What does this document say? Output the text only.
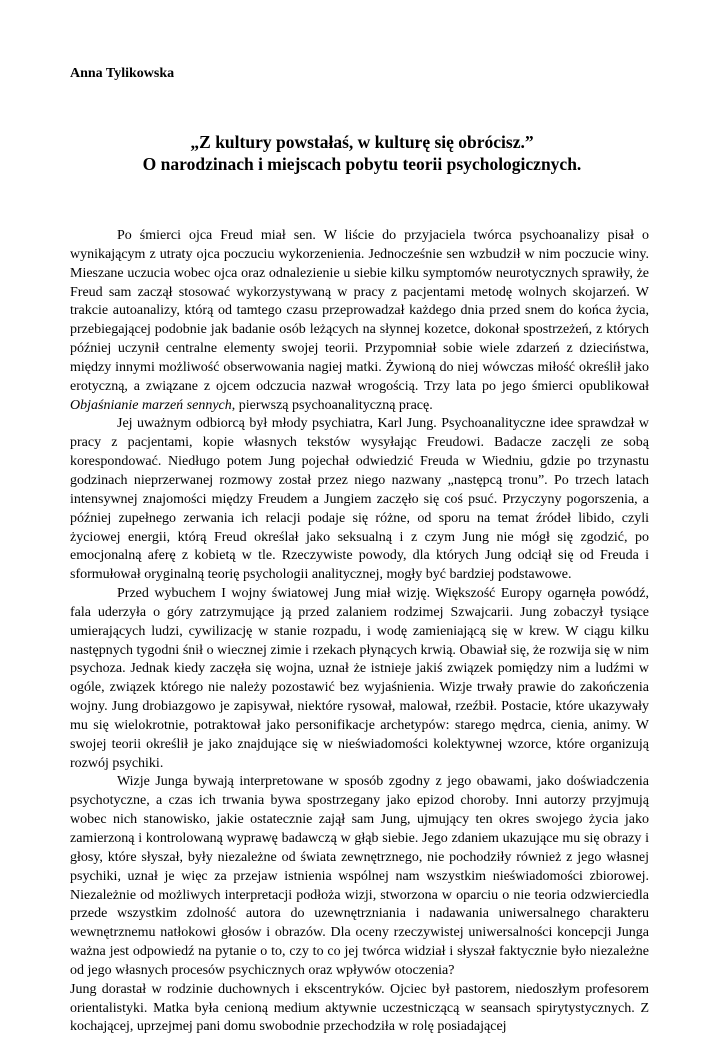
Anna Tylikowska

„Z kultury powstałaś, w kulturę się obrócisz.”
O narodzinach i miejscach pobytu teorii psychologicznych.

Po śmierci ojca Freud miał sen. W liście do przyjaciela twórca psychoanalizy pisał o wynikającym z utraty ojca poczuciu wykorzenienia. Jednocześnie sen wzbudził w nim poczucie winy. Mieszane uczucia wobec ojca oraz odnalezienie u siebie kilku symptomów neurotycznych sprawiły, że Freud sam zaczął stosować wykorzystywaną w pracy z pacjentami metodę wolnych skojarzeń. W trakcie autoanalizy, którą od tamtego czasu przeprowadzał każdego dnia przed snem do końca życia, przebiegającej podobnie jak badanie osób leżących na słynnej kozetce, dokonał spostrzeżeń, z których później uczynił centralne elementy swojej teorii. Przypomniał sobie wiele zdarzeń z dzieciństwa, między innymi możliwość obserwowania nagiej matki. Żywioną do niej wówczas miłość określił jako erotyczną, a związane z ojcem odczucia nazwał wrogością. Trzy lata po jego śmierci opublikował Objaśnianie marzeń sennych, pierwszą psychoanalityczną pracę.

Jej uważnym odbiorcą był młody psychiatra, Karl Jung. Psychoanalityczne idee sprawdzał w pracy z pacjentami, kopie własnych tekstów wysyłając Freudowi. Badacze zaczęli ze sobą korespondować. Niedługo potem Jung pojechał odwiedzić Freuda w Wiedniu, gdzie po trzynastu godzinach nieprzerwanej rozmowy został przez niego nazwany „następcą tronu”. Po trzech latach intensywnej znajomości między Freudem a Jungiem zaczęło się coś psuć. Przyczyny pogorszenia, a później zupełnego zerwania ich relacji podaje się różne, od sporu na temat źródeł libido, czyli życiowej energii, którą Freud określał jako seksualną i z czym Jung nie mógł się zgodzić, po emocjonalną aferę z kobietą w tle. Rzeczywiste powody, dla których Jung odciął się od Freuda i sformułował oryginalną teorię psychologii analitycznej, mogły być bardziej podstawowe.

Przed wybuchem I wojny światowej Jung miał wizję. Większość Europy ogarnęła powódź, fala uderzyła o góry zatrzymujące ją przed zalaniem rodzimej Szwajcarii. Jung zobaczył tysiące umierających ludzi, cywilizację w stanie rozpadu, i wodę zamieniającą się w krew. W ciągu kilku następnych tygodni śnił o wiecznej zimie i rzekach płynących krwią. Obawiał się, że rozwija się w nim psychoza. Jednak kiedy zaczęła się wojna, uznał że istnieje jakiś związek pomiędzy nim a ludźmi w ogóle, związek którego nie należy pozostawić bez wyjaśnienia. Wizje trwały prawie do zakończenia wojny. Jung drobiazgowo je zapisywał, niektóre rysował, malował, rzeźbił. Postacie, które ukazywały mu się wielokrotnie, potraktował jako personifikacje archetypów: starego mędrca, cienia, animy. W swojej teorii określił je jako znajdujące się w nieświadomości kolektywnej wzorce, które organizują rozwój psychiki.

Wizje Junga bywają interpretowane w sposób zgodny z jego obawami, jako doświadczenia psychotyczne, a czas ich trwania bywa spostrzegany jako epizod choroby. Inni autorzy przyjmują wobec nich stanowisko, jakie ostatecznie zajął sam Jung, ujmujący ten okres swojego życia jako zamierzoną i kontrolowaną wyprawę badawczą w głąb siebie. Jego zdaniem ukazujące mu się obrazy i głosy, które słyszał, były niezależne od świata zewnętrznego, nie pochodziły również z jego własnej psychiki, uznał je więc za przejaw istnienia wspólnej nam wszystkim nieświadomości zbiorowej. Niezależnie od możliwych interpretacji podłoża wizji, stworzona w oparciu o nie teoria odzwierciedla przede wszystkim zdolność autora do uzewnętrzniania i nadawania uniwersalnego charakteru wewnętrznemu natłokowi głosów i obrazów. Dla oceny rzeczywistej uniwersalności koncepcji Junga ważna jest odpowiedź na pytanie o to, czy to co jej twórca widział i słyszał faktycznie było niezależne od jego własnych procesów psychicznych oraz wpływów otoczenia?

Jung dorastał w rodzinie duchownych i ekscentryków. Ojciec był pastorem, niedoszłym profesorem orientalistyki. Matka była cenioną medium aktywnie uczestniczącą w seansach spirytystycznych. Z kochającej, uprzejmej pani domu swobodnie przechodziła w rolę posiadającej
